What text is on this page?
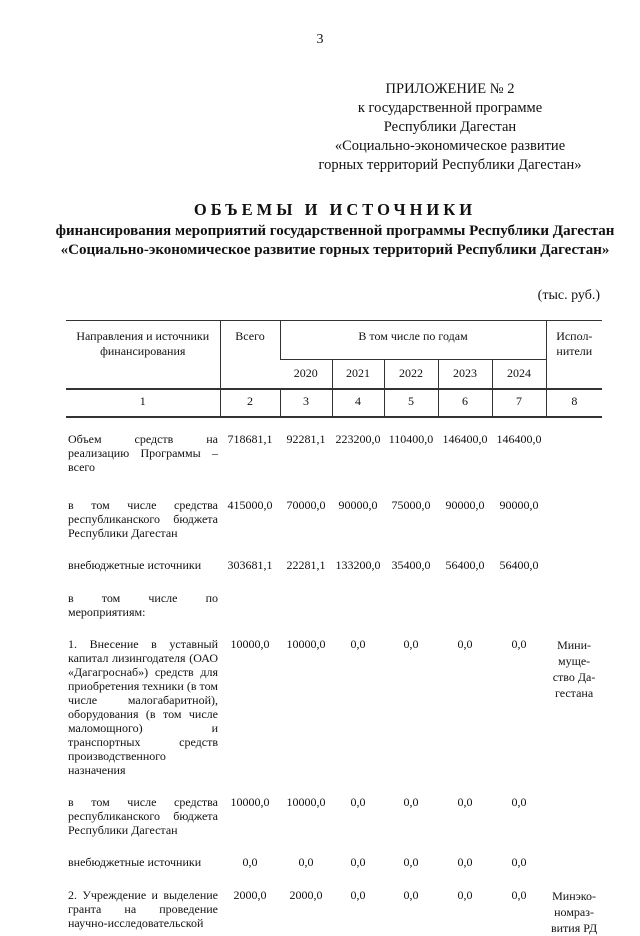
3
ПРИЛОЖЕНИЕ № 2
к государственной программе
Республики Дагестан
«Социально-экономическое развитие
горных территорий Республики Дагестан»
ОБЪЕМЫ И ИСТОЧНИКИ
финансирования мероприятий государственной программы Республики Дагестан «Социально-экономическое развитие горных территорий Республики Дагестан»
(тыс. руб.)
Направления и источники финансирования	Всего	В том числе по годам					Испол-нители
		2020	2021	2022	2023	2024	
1	2	3	4	5	6	7	8
Объем средств на реализацию Программы – всего	718681,1	92281,1	223200,0	110400,0	146400,0	146400,0	
в том числе средства республиканского бюджета Республики Дагестан	415000,0	70000,0	90000,0	75000,0	90000,0	90000,0	
внебюджетные источники	303681,1	22281,1	133200,0	35400,0	56400,0	56400,0	
в том числе по мероприятиям:							
1. Внесение в уставный капитал лизингодателя (ОАО «Дагагроснаб») средств для приобретения техники (в том числе малогабаритной), оборудования (в том числе маломощного) и транспортных средств производственного назначения	10000,0	10000,0	0,0	0,0	0,0	0,0	Мини-муще-ство Да-гестана
в том числе средства республиканского бюджета Республики Дагестан	10000,0	10000,0	0,0	0,0	0,0	0,0	
внебюджетные источники	0,0	0,0	0,0	0,0	0,0	0,0	
2. Учреждение и выделение гранта на проведение научно-исследовательской	2000,0	2000,0	0,0	0,0	0,0	0,0	Минэко-номраз-вития РД
